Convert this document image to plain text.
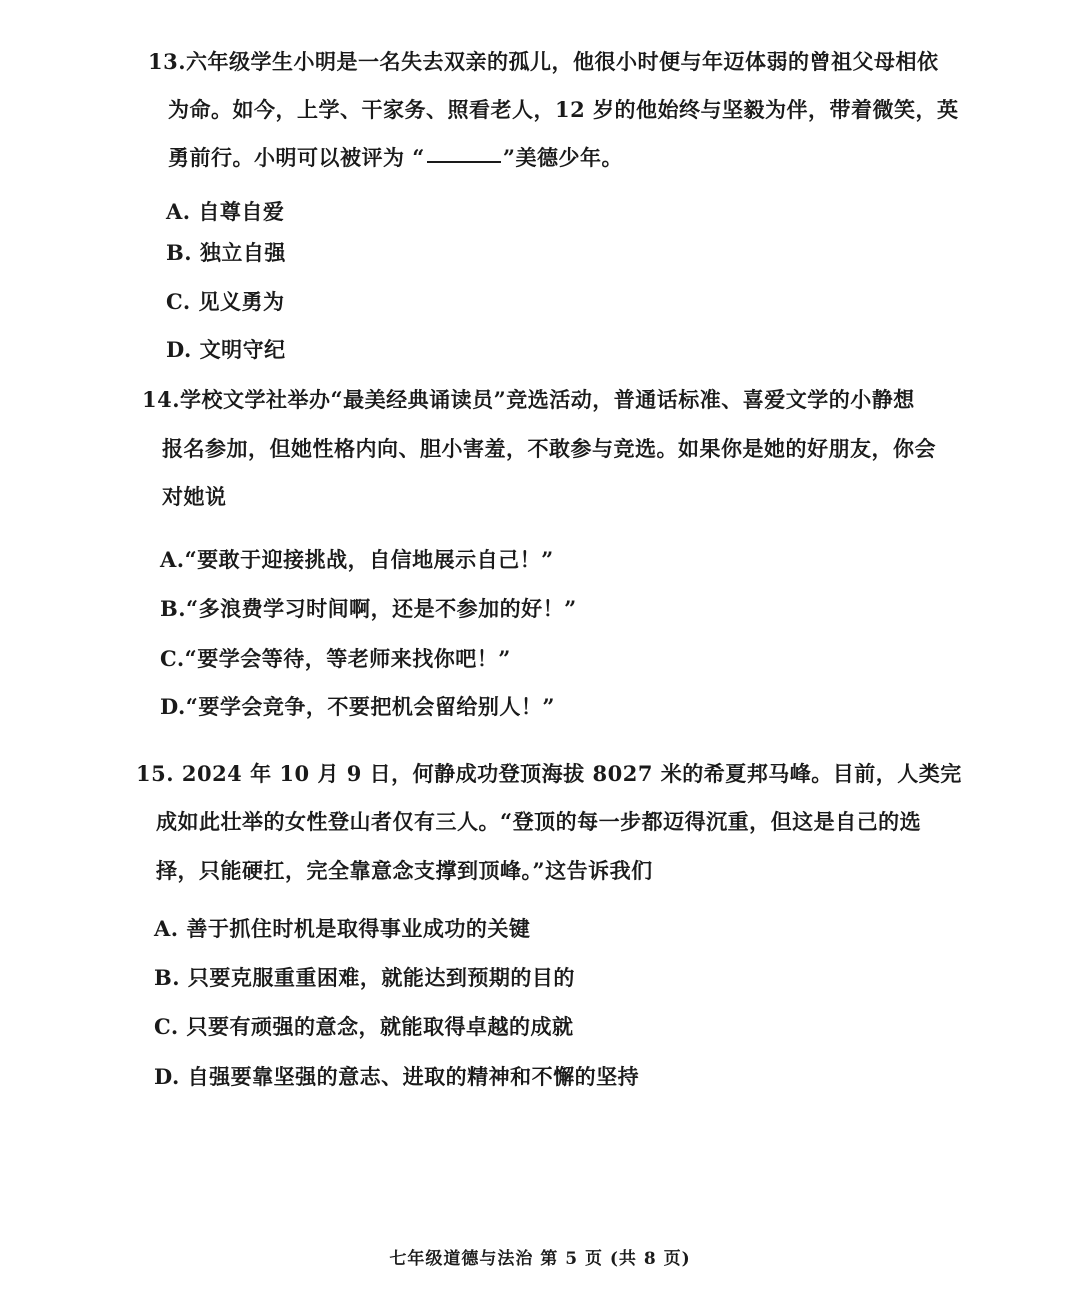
13.六年级学生小明是一名失去双亲的孤儿，他很小时便与年迈体弱的曾祖父母相依
为命。如今，上学、干家务、照看老人，12 岁的他始终与坚毅为伴，带着微笑，英
勇前行。小明可以被评为 “	”美德少年。
A. 自尊自爱
B. 独立自强
C. 见义勇为
D. 文明守纪
14.学校文学社举办“最美经典诵读员”竞选活动，普通话标准、喜爱文学的小静想
报名参加，但她性格内向、胆小害羞，不敢参与竞选。如果你是她的好朋友，你会
对她说
A.“要敢于迎接挑战，自信地展示自己！”
B.“多浪费学习时间啊，还是不参加的好！”
C.“要学会等待，等老师来找你吧！”
D.“要学会竞争，不要把机会留给别人！”
15. 2024 年 10 月 9 日，何静成功登顶海拔 8027 米的希夏邦马峰。目前，人类完
成如此壮举的女性登山者仅有三人。“登顶的每一步都迈得沉重，但这是自己的选
择，只能硬扛，完全靠意念支撑到顶峰。”这告诉我们
A. 善于抓住时机是取得事业成功的关键
B. 只要克服重重困难，就能达到预期的目的
C. 只要有顽强的意念，就能取得卓越的成就
D. 自强要靠坚强的意志、进取的精神和不懈的坚持
七年级道德与法治 第 5 页 (共 8 页)
